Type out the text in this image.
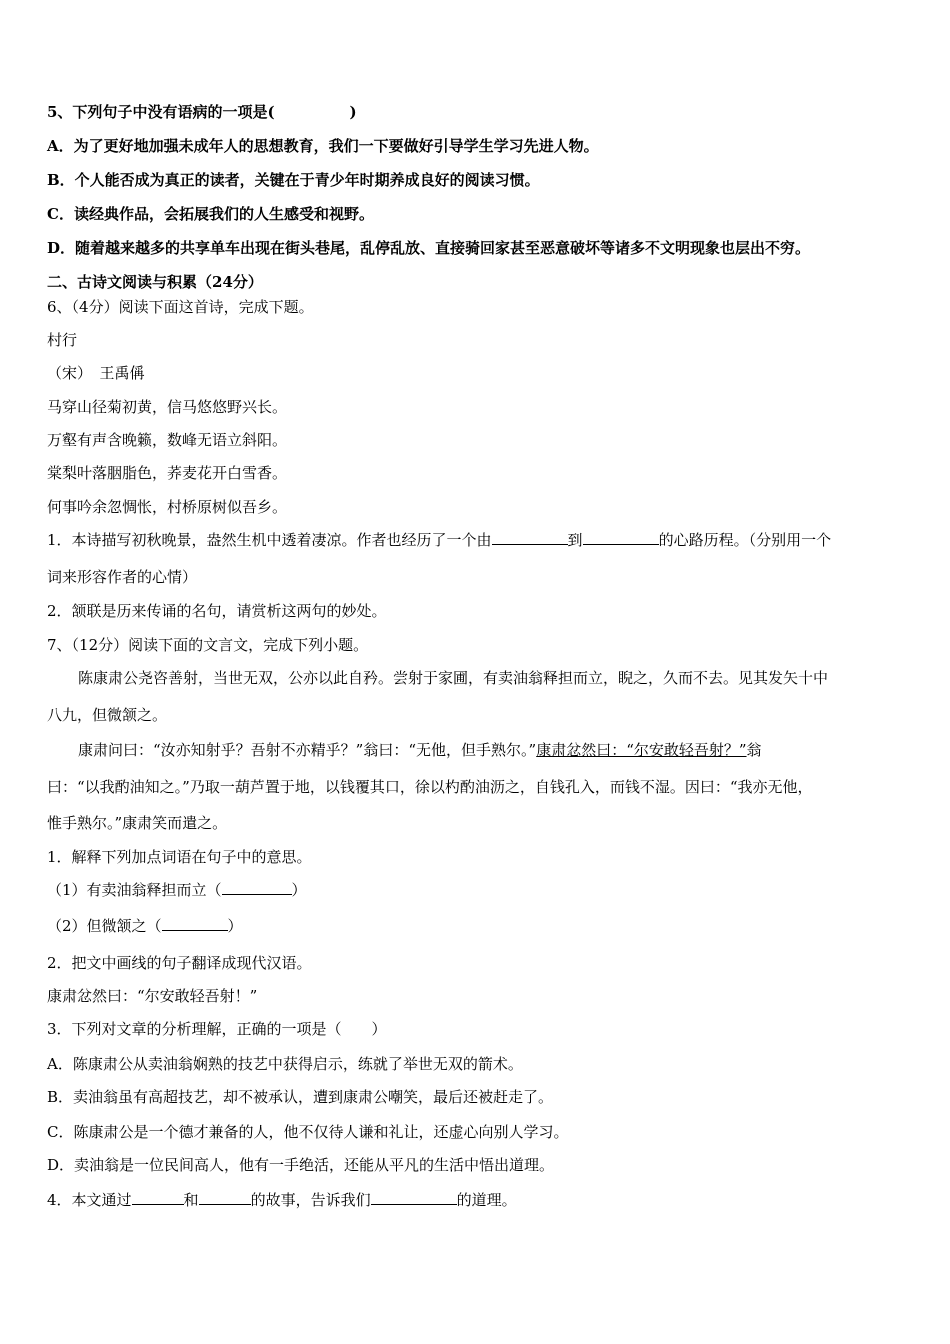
5、下列句子中没有语病的一项是(　　　　　)
A．为了更好地加强未成年人的思想教育，我们一下要做好引导学生学习先进人物。
B．个人能否成为真正的读者，关键在于青少年时期养成良好的阅读习惯。
C．读经典作品，会拓展我们的人生感受和视野。
D．随着越来越多的共享单车出现在街头巷尾，乱停乱放、直接骑回家甚至恶意破坏等诸多不文明现象也层出不穷。
二、古诗文阅读与积累（24分）
6、（4分）阅读下面这首诗，完成下题。
村行
（宋）　王禹偁
马穿山径菊初黄，信马悠悠野兴长。
万壑有声含晚籁，数峰无语立斜阳。
棠梨叶落胭脂色，荞麦花开白雪香。
何事吟余忽惆怅，村桥原树似吾乡。
1．本诗描写初秋晚景，盎然生机中透着凄凉。作者也经历了一个由	到	的心路历程。（分别用一个
词来形容作者的心情）
2．颔联是历来传诵的名句，请赏析这两句的妙处。
7、（12分）阅读下面的文言文，完成下列小题。
陈康肃公尧咨善射，当世无双，公亦以此自矜。尝射于家圃，有卖油翁释担而立，睨之，久而不去。见其发矢十中
八九，但微颔之。
康肃问曰：“汝亦知射乎？吾射不亦精乎？”翁曰：“无他，但手熟尔。”康肃忿然曰：“尔安敢轻吾射？”翁
曰：“以我酌油知之。”乃取一葫芦置于地，以钱覆其口，徐以杓酌油沥之，自钱孔入，而钱不湿。因曰：“我亦无他，
惟手熟尔。”康肃笑而遣之。
1．解释下列加点词语在句子中的意思。
（1）有卖油翁释担而立（	）
（2）但微颔之（	）
2．把文中画线的句子翻译成现代汉语。
康肃忿然曰：“尔安敢轻吾射！”
3．下列对文章的分析理解，正确的一项是（　　）
A．陈康肃公从卖油翁娴熟的技艺中获得启示，练就了举世无双的箭术。
B．卖油翁虽有高超技艺，却不被承认，遭到康肃公嘲笑，最后还被赶走了。
C．陈康肃公是一个德才兼备的人，他不仅待人谦和礼让，还虚心向别人学习。
D．卖油翁是一位民间高人，他有一手绝活，还能从平凡的生活中悟出道理。
4．本文通过	和	的故事，告诉我们	的道理。
